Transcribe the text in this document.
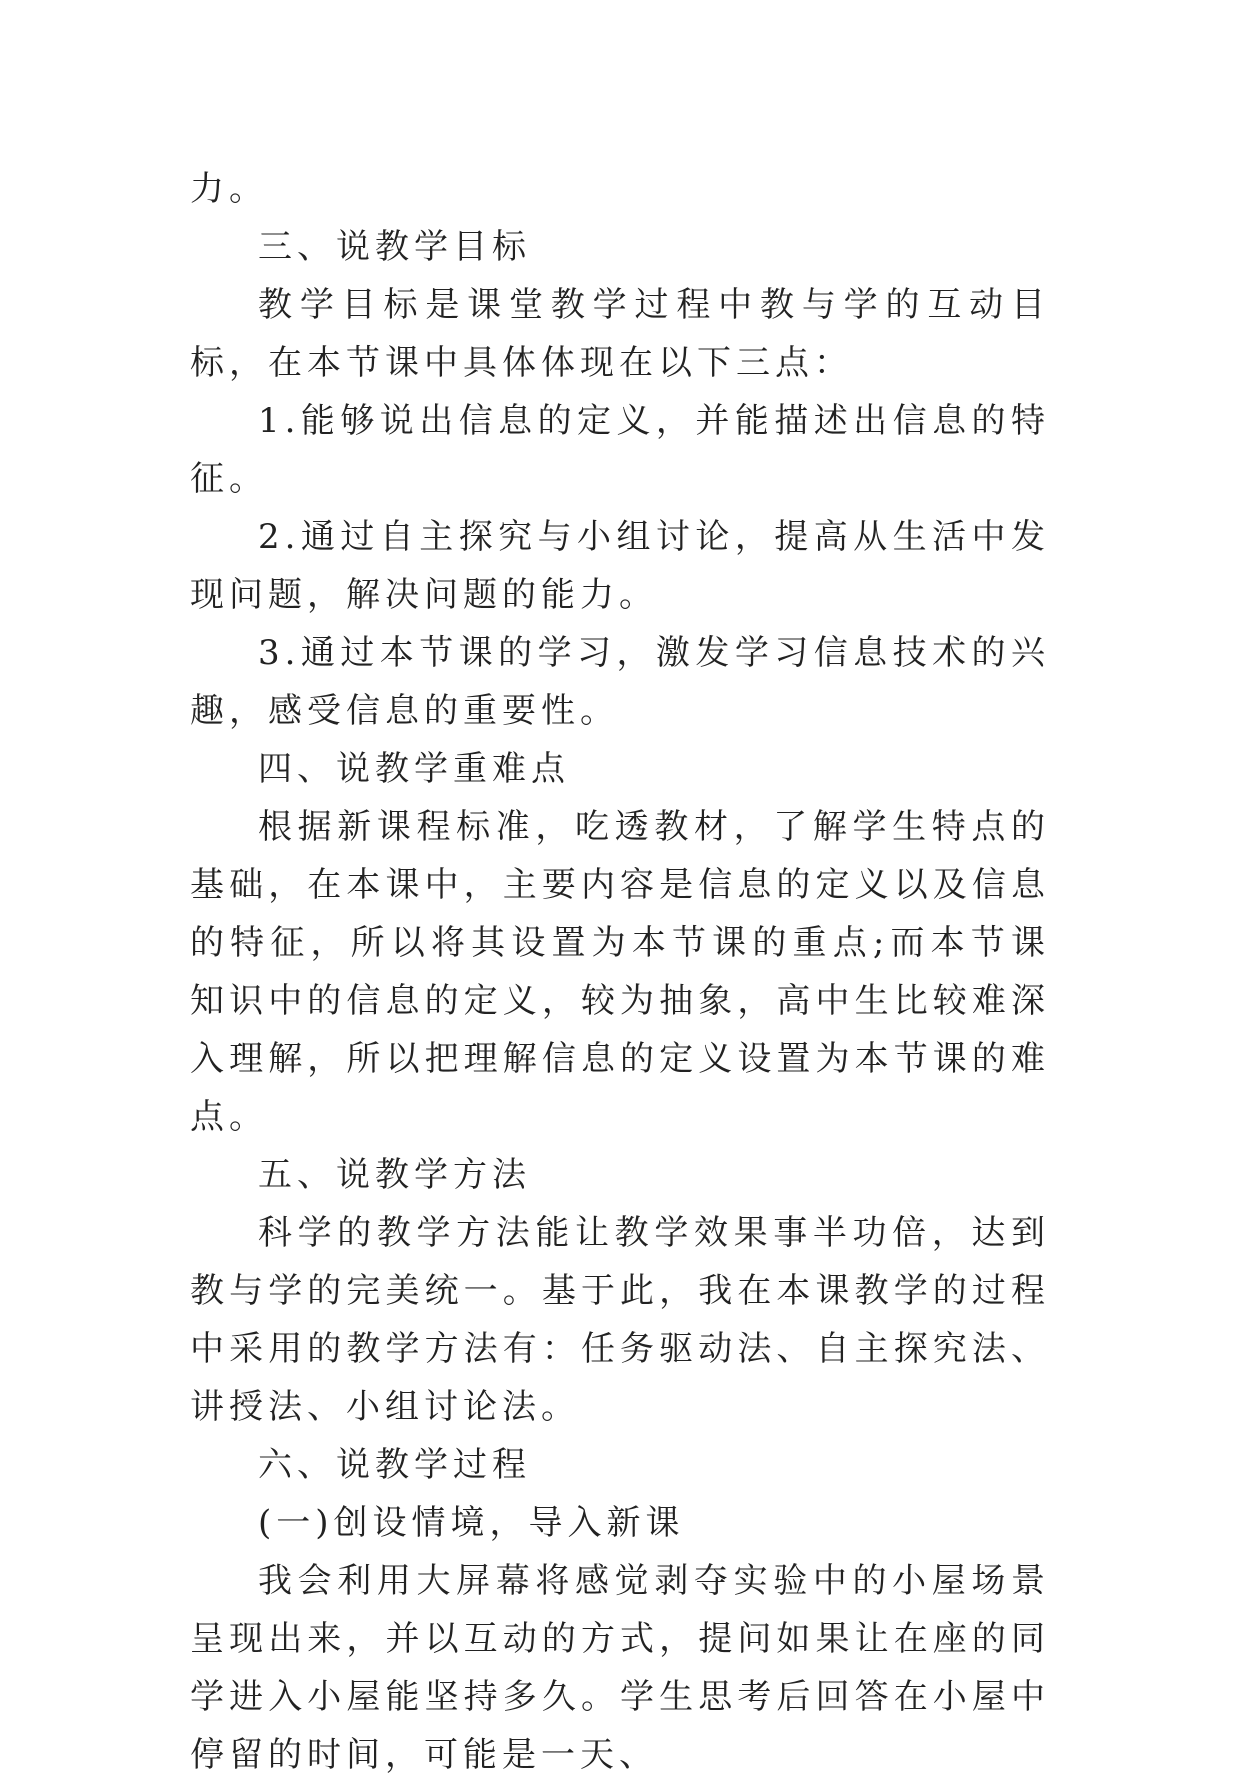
力。

三、说教学目标

教学目标是课堂教学过程中教与学的互动目标，在本节课中具体体现在以下三点：

1.能够说出信息的定义，并能描述出信息的特征。

2.通过自主探究与小组讨论，提高从生活中发现问题，解决问题的能力。

3.通过本节课的学习，激发学习信息技术的兴趣，感受信息的重要性。

四、说教学重难点

根据新课程标准，吃透教材，了解学生特点的基础，在本课中，主要内容是信息的定义以及信息的特征，所以将其设置为本节课的重点;而本节课知识中的信息的定义，较为抽象，高中生比较难深入理解，所以把理解信息的定义设置为本节课的难点。

五、说教学方法

科学的教学方法能让教学效果事半功倍，达到教与学的完美统一。基于此，我在本课教学的过程中采用的教学方法有：任务驱动法、自主探究法、讲授法、小组讨论法。

六、说教学过程

(一)创设情境，导入新课

我会利用大屏幕将感觉剥夺实验中的小屋场景呈现出来，并以互动的方式，提问如果让在座的同学进入小屋能坚持多久。学生思考后回答在小屋中停留的时间，可能是一天、
